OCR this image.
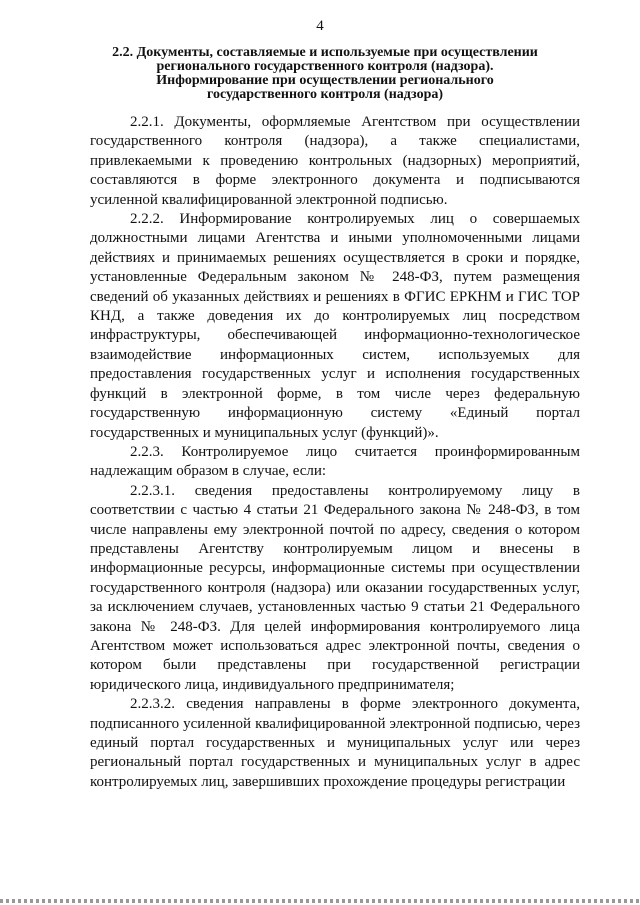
4
2.2. Документы, составляемые и используемые при осуществлении
регионального государственного контроля (надзора).
Информирование при осуществлении регионального
государственного контроля (надзора)

2.2.1. Документы, оформляемые Агентством при осуществлении государственного контроля (надзора), а также специалистами, привлекаемыми к проведению контрольных (надзорных) мероприятий, составляются в форме электронного документа и подписываются усиленной квалифицированной электронной подписью.

2.2.2. Информирование контролируемых лиц о совершаемых должностными лицами Агентства и иными уполномоченными лицами действиях и принимаемых решениях осуществляется в сроки и порядке, установленные Федеральным законом № 248-ФЗ, путем размещения сведений об указанных действиях и решениях в ФГИС ЕРКНМ и ГИС ТОР КНД, а также доведения их до контролируемых лиц посредством инфраструктуры, обеспечивающей информационно-технологическое взаимодействие информационных систем, используемых для предоставления государственных услуг и исполнения государственных функций в электронной форме, в том числе через федеральную государственную информационную систему «Единый портал государственных и муниципальных услуг (функций)».

2.2.3. Контролируемое лицо считается проинформированным надлежащим образом в случае, если:

2.2.3.1. сведения предоставлены контролируемому лицу в соответствии с частью 4 статьи 21 Федерального закона № 248-ФЗ, в том числе направлены ему электронной почтой по адресу, сведения о котором представлены Агентству контролируемым лицом и внесены в информационные ресурсы, информационные системы при осуществлении государственного контроля (надзора) или оказании государственных услуг, за исключением случаев, установленных частью 9 статьи 21 Федерального закона № 248-ФЗ. Для целей информирования контролируемого лица Агентством может использоваться адрес электронной почты, сведения о котором были представлены при государственной регистрации юридического лица, индивидуального предпринимателя;

2.2.3.2. сведения направлены в форме электронного документа, подписанного усиленной квалифицированной электронной подписью, через единый портал государственных и муниципальных услуг или через региональный портал государственных и муниципальных услуг в адрес контролируемых лиц, завершивших прохождение процедуры регистрации
